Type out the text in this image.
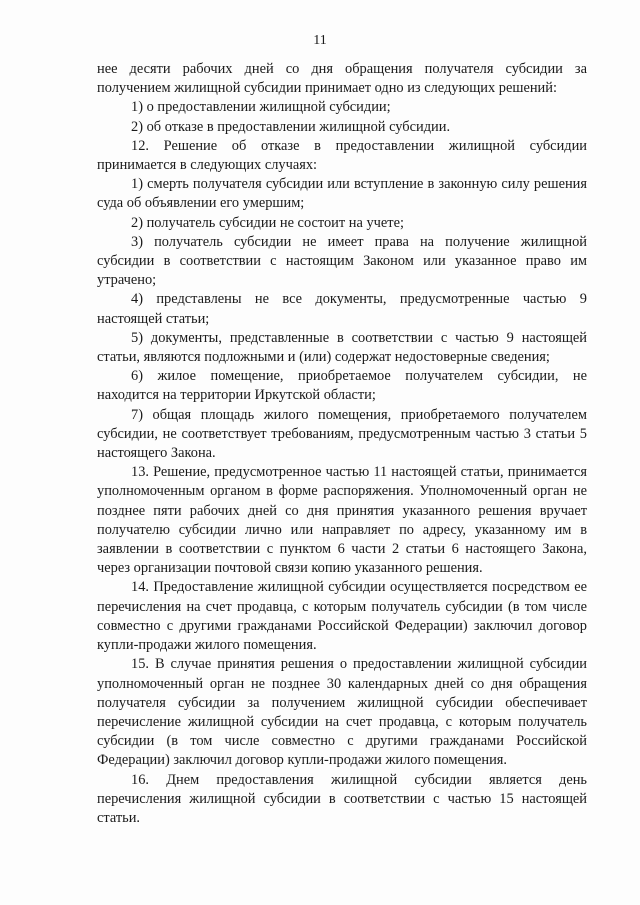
11

нее десяти рабочих дней со дня обращения получателя субсидии за получением жилищной субсидии принимает одно из следующих решений:

1) о предоставлении жилищной субсидии;

2) об отказе в предоставлении жилищной субсидии.

12. Решение об отказе в предоставлении жилищной субсидии принимается в следующих случаях:

1) смерть получателя субсидии или вступление в законную силу решения суда об объявлении его умершим;

2) получатель субсидии не состоит на учете;

3) получатель субсидии не имеет права на получение жилищной субсидии в соответствии с настоящим Законом или указанное право им утрачено;

4) представлены не все документы, предусмотренные частью 9 настоящей статьи;

5) документы, представленные в соответствии с частью 9 настоящей статьи, являются подложными и (или) содержат недостоверные сведения;

6) жилое помещение, приобретаемое получателем субсидии, не находится на территории Иркутской области;

7) общая площадь жилого помещения, приобретаемого получателем субсидии, не соответствует требованиям, предусмотренным частью 3 статьи 5 настоящего Закона.

13. Решение, предусмотренное частью 11 настоящей статьи, принимается уполномоченным органом в форме распоряжения. Уполномоченный орган не позднее пяти рабочих дней со дня принятия указанного решения вручает получателю субсидии лично или направляет по адресу, указанному им в заявлении в соответствии с пунктом 6 части 2 статьи 6 настоящего Закона, через организации почтовой связи копию указанного решения.

14. Предоставление жилищной субсидии осуществляется посредством ее перечисления на счет продавца, с которым получатель субсидии (в том числе совместно с другими гражданами Российской Федерации) заключил договор купли-продажи жилого помещения.

15. В случае принятия решения о предоставлении жилищной субсидии уполномоченный орган не позднее 30 календарных дней со дня обращения получателя субсидии за получением жилищной субсидии обеспечивает перечисление жилищной субсидии на счет продавца, с которым получатель субсидии (в том числе совместно с другими гражданами Российской Федерации) заключил договор купли-продажи жилого помещения.

16. Днем предоставления жилищной субсидии является день перечисления жилищной субсидии в соответствии с частью 15 настоящей статьи.
